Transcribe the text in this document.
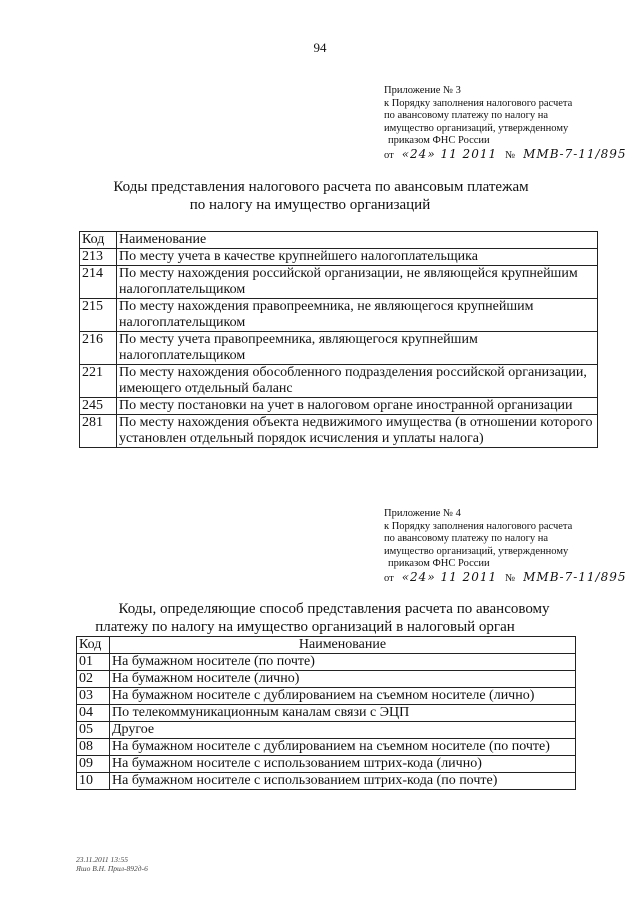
94
Приложение № 3
к Порядку заполнения налогового расчета
по авансовому платежу по налогу на
имущество организаций, утвержденному
приказом ФНС России
от «24» 11 2011 № ММВ-7-11/895
Коды представления налогового расчета по авансовым платежам
по налогу на имущество организаций
Код	Наименование
213	По месту учета в качестве крупнейшего налогоплательщика
214	По месту нахождения российской организации, не являющейся крупнейшим налогоплательщиком
215	По месту нахождения правопреемника, не являющегося крупнейшим налогоплательщиком
216	По месту учета правопреемника, являющегося крупнейшим налогоплательщиком
221	По месту нахождения обособленного подразделения российской организации, имеющего отдельный баланс
245	По месту постановки на учет в налоговом органе иностранной организации
281	По месту нахождения объекта недвижимого имущества (в отношении которого установлен отдельный порядок исчисления и уплаты налога)
Приложение № 4
к Порядку заполнения налогового расчета
по авансовому платежу по налогу на
имущество организаций, утвержденному
приказом ФНС России
от «24» 11 2011 № ММВ-7-11/895
Коды, определяющие способ представления расчета по авансовому
платежу по налогу на имущество организаций в налоговый орган
Код	Наименование
01	На бумажном носителе (по почте)
02	На бумажном носителе (лично)
03	На бумажном носителе с дублированием на съемном носителе (лично)
04	По телекоммуникационным каналам связи с ЭЦП
05	Другое
08	На бумажном носителе с дублированием на съемном носителе (по почте)
09	На бумажном носителе с использованием штрих-кода (лично)
10	На бумажном носителе с использованием штрих-кода (по почте)
23.11.2011 13:55
Яшо В.Н. Прил-892д-6
